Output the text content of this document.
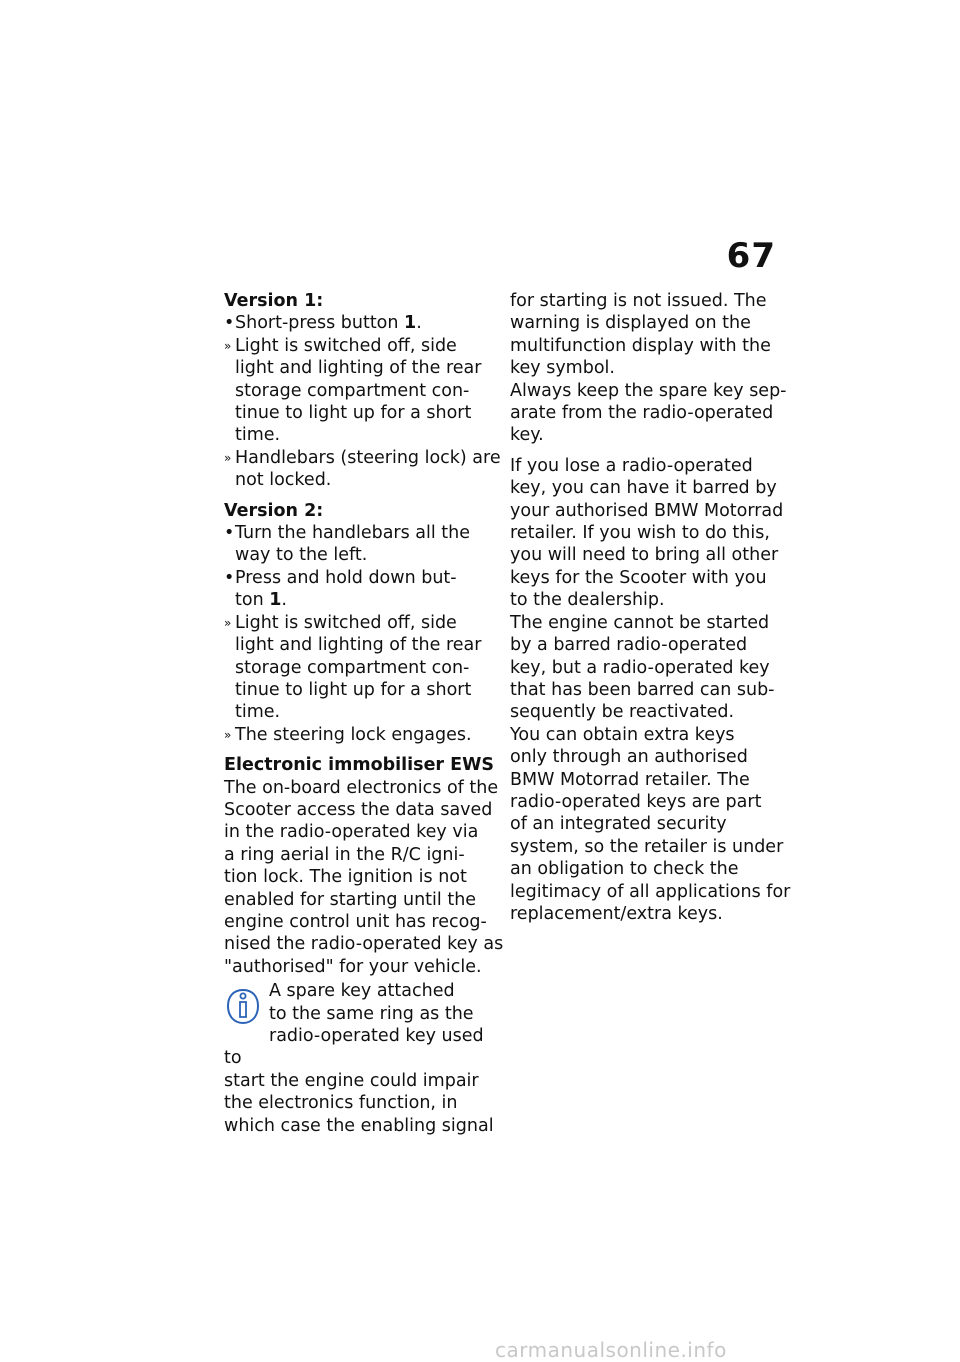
67
Version 1:
• Short-press button 1.
» Light is switched off, side
light and lighting of the rear
storage compartment con-
tinue to light up for a short
time.
» Handlebars (steering lock) are
not locked.
Version 2:
• Turn the handlebars all the
way to the left.
• Press and hold down but-
ton 1.
» Light is switched off, side
light and lighting of the rear
storage compartment con-
tinue to light up for a short
time.
» The steering lock engages.
Electronic immobiliser EWS
The on-board electronics of the
Scooter access the data saved
in the radio-operated key via
a ring aerial in the R/C igni-
tion lock. The ignition is not
enabled for starting until the
engine control unit has recog-
nised the radio-operated key as
"authorised" for your vehicle.
A spare key attached
to the same ring as the
radio-operated key used to
start the engine could impair
the electronics function, in
which case the enabling signal
for starting is not issued. The
warning is displayed on the
multifunction display with the
key symbol.
Always keep the spare key sep-
arate from the radio-operated
key.
If you lose a radio-operated
key, you can have it barred by
your authorised BMW Motorrad
retailer. If you wish to do this,
you will need to bring all other
keys for the Scooter with you
to the dealership.
The engine cannot be started
by a barred radio-operated
key, but a radio-operated key
that has been barred can sub-
sequently be reactivated.
You can obtain extra keys
only through an authorised
BMW Motorrad retailer. The
radio-operated keys are part
of an integrated security
system, so the retailer is under
an obligation to check the
legitimacy of all applications for
replacement/extra keys.
carmanualsonline.info
